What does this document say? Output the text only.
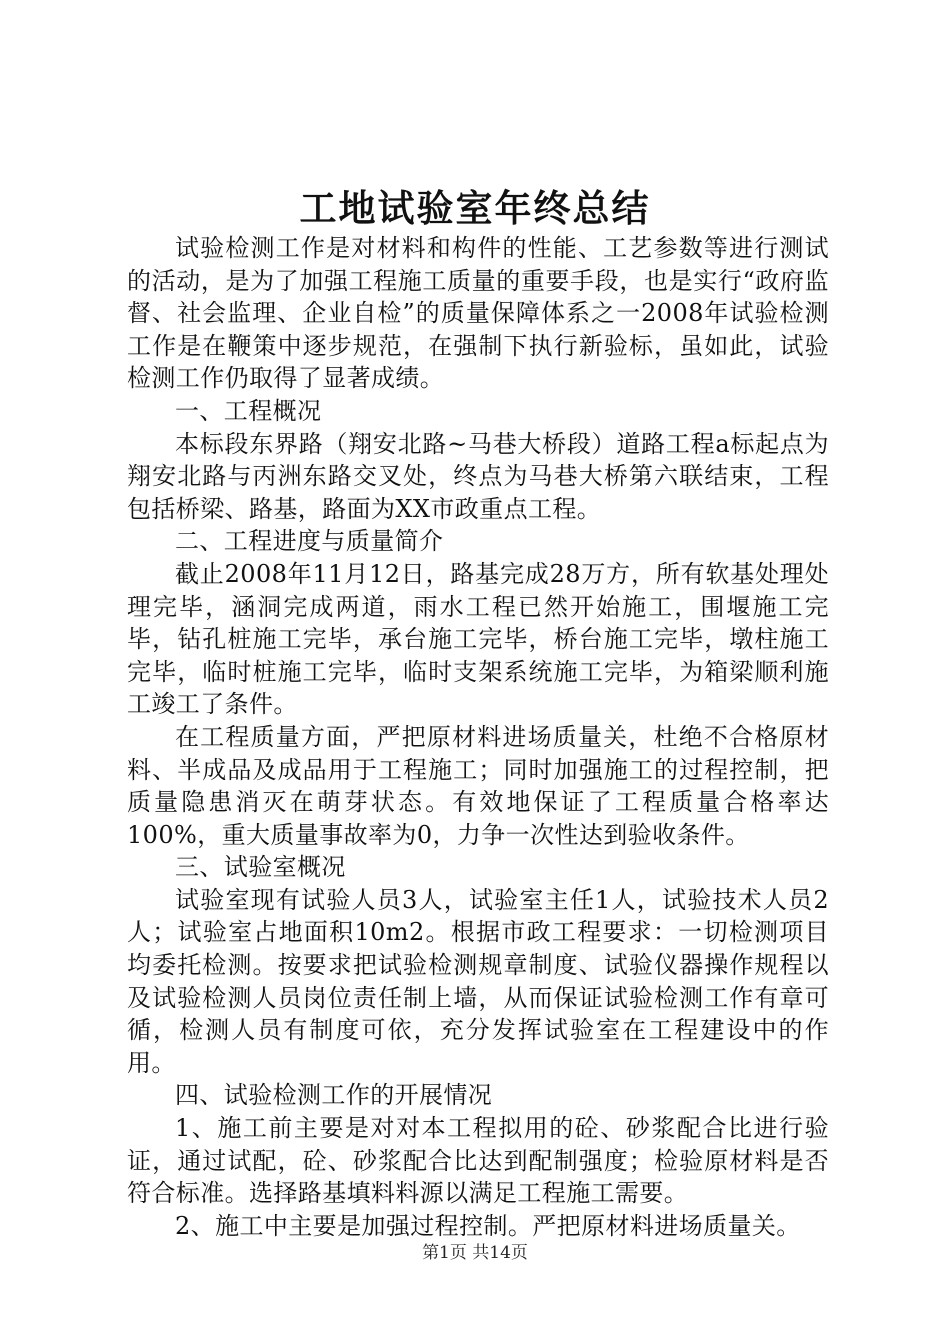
工地试验室年终总结

试验检测工作是对材料和构件的性能、工艺参数等进行测试的活动，是为了加强工程施工质量的重要手段，也是实行“政府监督、社会监理、企业自检”的质量保障体系之一2008年试验检测工作是在鞭策中逐步规范，在强制下执行新验标，虽如此，试验检测工作仍取得了显著成绩。

一、工程概况

本标段东界路（翔安北路~马巷大桥段）道路工程a标起点为翔安北路与丙洲东路交叉处，终点为马巷大桥第六联结束，工程包括桥梁、路基，路面为XX市政重点工程。

二、工程进度与质量简介

截止2008年11月12日，路基完成28万方，所有软基处理处理完毕，涵洞完成两道，雨水工程已然开始施工，围堰施工完毕，钻孔桩施工完毕，承台施工完毕，桥台施工完毕，墩柱施工完毕，临时桩施工完毕，临时支架系统施工完毕，为箱梁顺利施工竣工了条件。

在工程质量方面，严把原材料进场质量关，杜绝不合格原材料、半成品及成品用于工程施工；同时加强施工的过程控制，把质量隐患消灭在萌芽状态。有效地保证了工程质量合格率达100%，重大质量事故率为0，力争一次性达到验收条件。

三、试验室概况

试验室现有试验人员3人，试验室主任1人，试验技术人员2人；试验室占地面积10m2。根据市政工程要求：一切检测项目均委托检测。按要求把试验检测规章制度、试验仪器操作规程以及试验检测人员岗位责任制上墙，从而保证试验检测工作有章可循，检测人员有制度可依，充分发挥试验室在工程建设中的作用。

四、试验检测工作的开展情况

1、施工前主要是对对本工程拟用的砼、砂浆配合比进行验证，通过试配，砼、砂浆配合比达到配制强度；检验原材料是否符合标准。选择路基填料料源以满足工程施工需要。

2、施工中主要是加强过程控制。严把原材料进场质量关。

第1页 共14页
